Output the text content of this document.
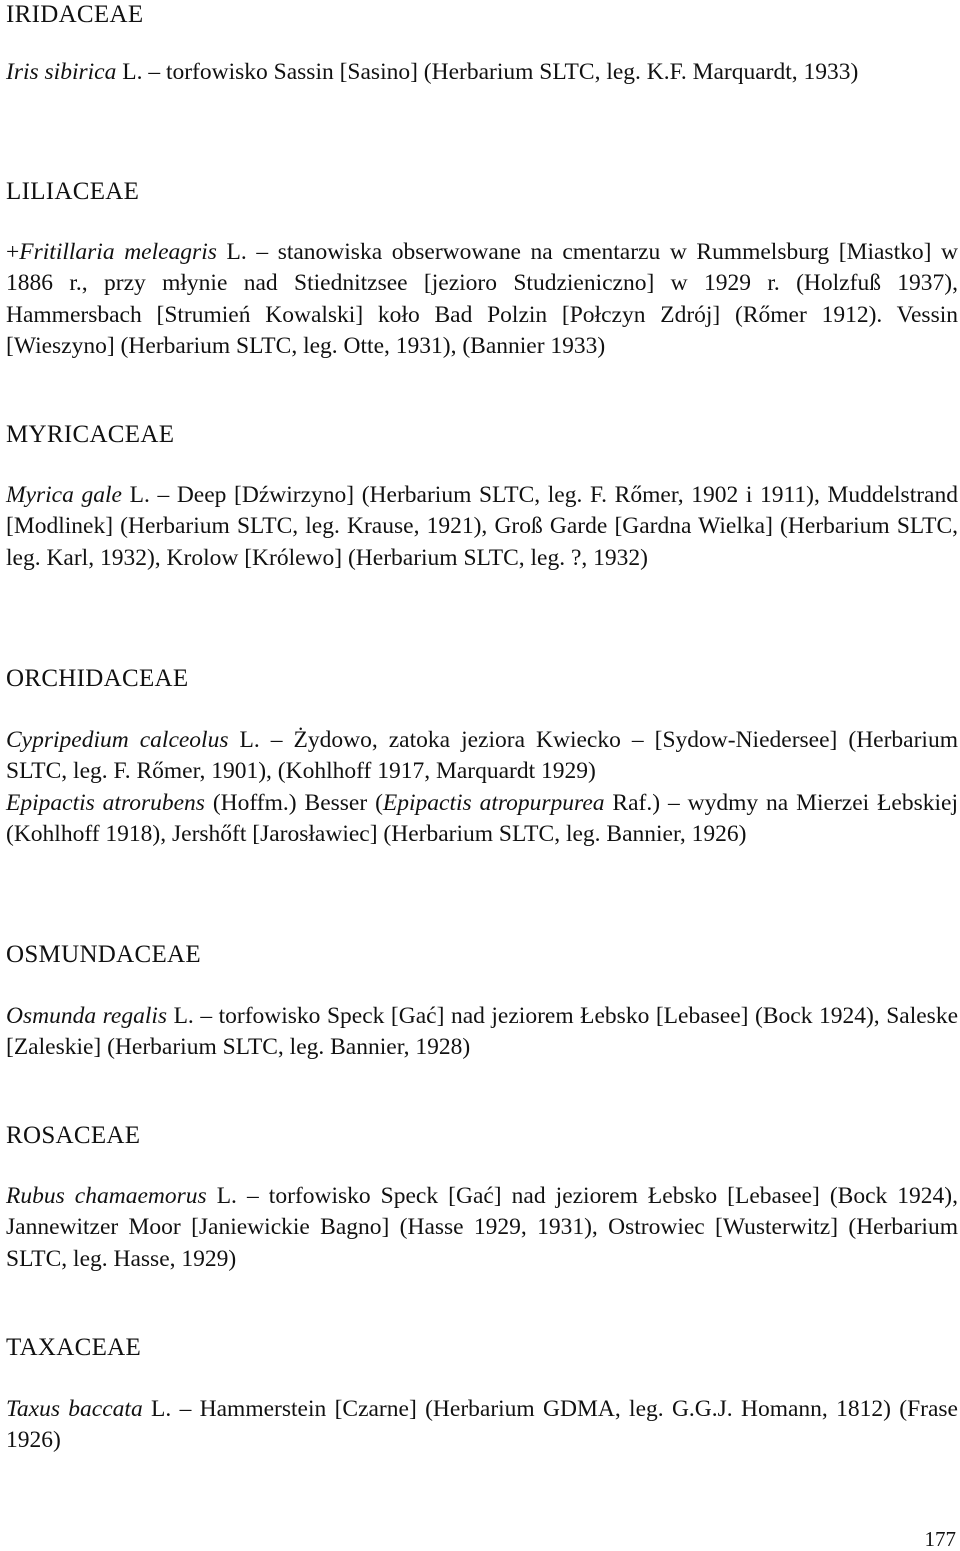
IRIDACEAE

Iris sibirica L. – torfowisko Sassin [Sasino] (Herbarium SLTC, leg. K.F. Marquardt, 1933)

LILIACEAE

+Fritillaria meleagris L. – stanowiska obserwowane na cmentarzu w Rummelsburg [Miastko] w 1886 r., przy młynie nad Stiednitzsee [jezioro Studzieniczno] w 1929 r. (Holzfuß 1937), Hammersbach [Strumień Kowalski] koło Bad Polzin [Połczyn Zdrój] (Rőmer 1912). Vessin [Wieszyno] (Herbarium SLTC, leg. Otte, 1931), (Bannier 1933)

MYRICACEAE

Myrica gale L. – Deep [Dźwirzyno] (Herbarium SLTC, leg. F. Rőmer, 1902 i 1911), Muddelstrand [Modlinek] (Herbarium SLTC, leg. Krause, 1921), Groß Garde [Gardna Wielka] (Herbarium SLTC, leg. Karl, 1932), Krolow [Królewo] (Herbarium SLTC, leg. ?, 1932)

ORCHIDACEAE

Cypripedium calceolus L. – Żydowo, zatoka jeziora Kwiecko – [Sydow-Niedersee] (Herbarium SLTC, leg. F. Rőmer, 1901), (Kohlhoff 1917, Marquardt 1929)

Epipactis atrorubens (Hoffm.) Besser (Epipactis atropurpurea Raf.) – wydmy na Mierzei Łebskiej (Kohlhoff 1918), Jershőft [Jarosławiec] (Herbarium SLTC, leg. Bannier, 1926)

OSMUNDACEAE

Osmunda regalis L. – torfowisko Speck [Gać] nad jeziorem Łebsko [Lebasee] (Bock 1924), Saleske [Zaleskie] (Herbarium SLTC, leg. Bannier, 1928)

ROSACEAE

Rubus chamaemorus L. – torfowisko Speck [Gać] nad jeziorem Łebsko [Lebasee] (Bock 1924), Jannewitzer Moor [Janiewickie Bagno] (Hasse 1929, 1931), Ostrowiec [Wusterwitz] (Herbarium SLTC, leg. Hasse, 1929)

TAXACEAE

Taxus baccata L. – Hammerstein [Czarne] (Herbarium GDMA, leg. G.G.J. Homann, 1812) (Frase 1926)

177
